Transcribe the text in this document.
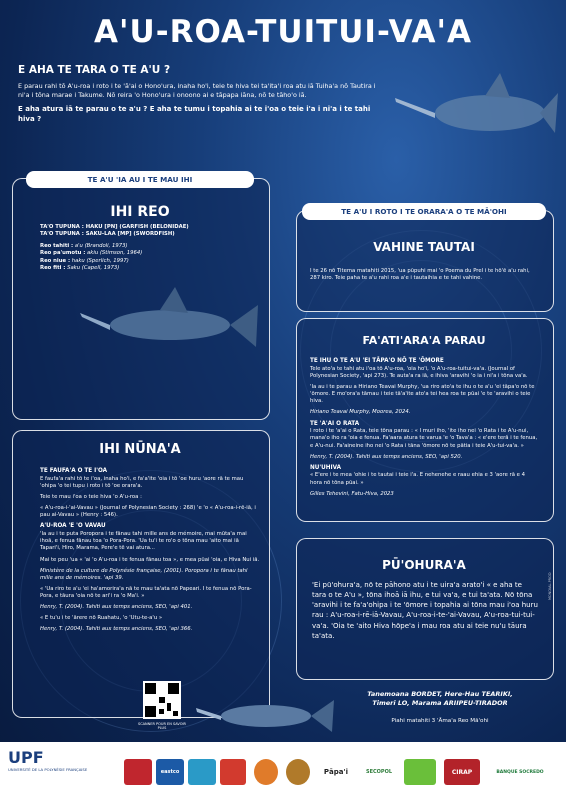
A'U-ROA-TUITUI-VA'A
E AHA TE TARA O TE A'U ?

E parau rahi tō A'u-roa i roto i te 'ā'ai o Hono'ura, inaha ho'i, teie te hiva tei ta'ita'i roa atu iā Tuiha'a nō Tautira i ni'a i tōna marae i Takume. Nō reira 'o Hono'ura i onoono ai e tāpapa iāna, nō te tāho'o iā.

E aha atura iā te parau o te a'u ? E aha te tumu i topahia ai te i'oa o teie i'a i ni'a i te tahi hiva ?

TE A'U 'IA AU I TE MAU IHI
IHI REO
TA'O TUPUNA : HAKU [PN] (GARFISH (BELONIDAE)
TA'O TUPUNA : SAKU-LAA [MP] (SWORDFISH)
Reo tahiti : a'u (Brandoli, 1973)
Reo pa'umotu : akiu (Stimson, 1964)
Reo niue : haku (Sperlich, 1997)
Reo fiti : Saku (Capell, 1973)
IHI NŪNA'A
TE FAUFA'A O TE I'OA

E faufa'a rahi tō te i'oa, inaha ho'i, e fa'a'ite 'oia i tō 'oe huru 'aore rā te mau 'ohipa 'o tei tupu i roto i tō 'oe orara'a.

Teie te mau i'oa o teie hiva 'o A'u-roa :

« A'u-roa-i-'ai-Vavau » (Journal of Polynesian Society : 268) 'e 'o « A'u-roa-i-rē-iā, i pau ai-Vavau » (Henry : 546).

A'U-ROA 'E 'O VAVAU

'Ia au i te puta Poropora i te fānau tahi mille ans de mémoire, mai mūta'a mai ihoā, e fenua fānau toa 'o Pora-Pora. 'Ua tu'i te ro'o o tōna mau 'aito mai iā Tapari'i, Hiro, Marama, Pere'e tē vai atura...

Mai te peu 'ua « 'ai 'o A'u-roa i te fenua fānau toa », e mea pūai 'oia, e Hiva Nui iā.

Ministère de la culture de Polynésie française, (2001). Poropora i te fānau tahi mille ans de mémoires. 'api 39.

« 'Ua riro te a'u 'ei ha'amorira'a nā te mau ta'ata nō Papeari. I te fenua nō Pora-Pora, e tāura 'oia nō te ari'i ra 'o Ma'i. »

Henry, T. (2004). Tahiti aux temps anciens, SEO, 'api 401.

« E tu'u i te 'ārere nō Ruahatu, 'o 'Utu-te-a'u »

Henry, T. (2004). Tahiti aux temps anciens, SEO, 'api 366.

TE A'U I ROTO I TE ORARA'A O TE MĀ'OHI
VAHINE TAUTAI
I te 26 nō Titema matahiti 2015, 'ua pūpuhi mai 'o Poema du Prel i te hō'ē a'u rahi, 287 kiro. Teie paha te a'u rahi roa a'e i tautaihia e te tahi vahine.
FA'ATI'ARA'A PARAU
TE IHU O TE A'U 'EI TĀPA'O NŌ TE 'ŌMORE

Tele ato'a te tahi atu i'oa tō A'u-roa, 'oia ho'i, 'o A'u-roa-tuitui-va'a. (Journal of Polynesian Society, 'api 273). Te auta'a ra iā, e ihiva 'aravihi 'o ia i ni'a i tōna va'a.

'Ia au i te parau a Hiriano Teavai Murphy, 'ua riro ato'a te ihu o te a'u 'ei tāpa'o nō te 'ōmore. E mo'ora'a tāmau i teie tā'a'ite ato'a tei hea roa te pūai 'e te 'aravihi o teie hiva.

Hiriano Teavai Murphy, Moorea, 2024.

TE 'A'AI O RATA

I roto i te 'a'ai o Rata, teie tōna parau : « I muri iho, 'ite iho nei 'o Rata i te A'u-nui, mana'o iho ra 'oia e fenua. Fa'aara atura te varua 'e 'o Tava'a : « e'ere terā i te fenua, e A'u-nui. Fa'aineine iho nei 'o Rata i tāna 'ōmore nō te pātia i teie A'u-tui-va'a. »

Henry, T. (2004). Tahiti aux temps anciens, SEO, 'api 520.

NU'UHIVA

« E'ere i te mea 'ohie i te tautai i teie i'a. E nehenehe e raau ehia e 3 'aore rā e 4 hora nō tōna pūai. »

Gilles Tehevini, Fatu-Hiva, 2023

PŪ'OHURA'A
'Ei pū'ohura'a, nō te pāhono atu i te uira'a arato'i « e aha te tara o te A'u », tōna ihoā iā ihu, e tui va'a, e tui ta'ata. Nō tōna 'aravihi i te fa'a'ohipa i te 'ōmore i topahia ai tōna mau i'oa huru rau : A'u-roa-i-rē-iā-Vavau, A'u-roa-i-te-'ai-Vavau, A'u-roa-tui-tui-va'a. 'Oia te 'aito Hiva hōpe'a i mau roa atu ai teie nu'u tāura ta'ata.
SCANNER POUR EN SAVOIR PLUS
Tanemoana BORDET, Here-Hau TEARIKI,
Timeri LO, Marama ARIIPEU-TIRADOR
Piahi matahiti 3 'Āma'a Reo Mā'ohi
MONDIAL.PROD
UPF
UNIVERSITÉ DE LA POLYNÉSIE FRANÇAISE	eastco	Pāpa'i	SECOPOL	CIRAP	BANQUE SOCREDO
